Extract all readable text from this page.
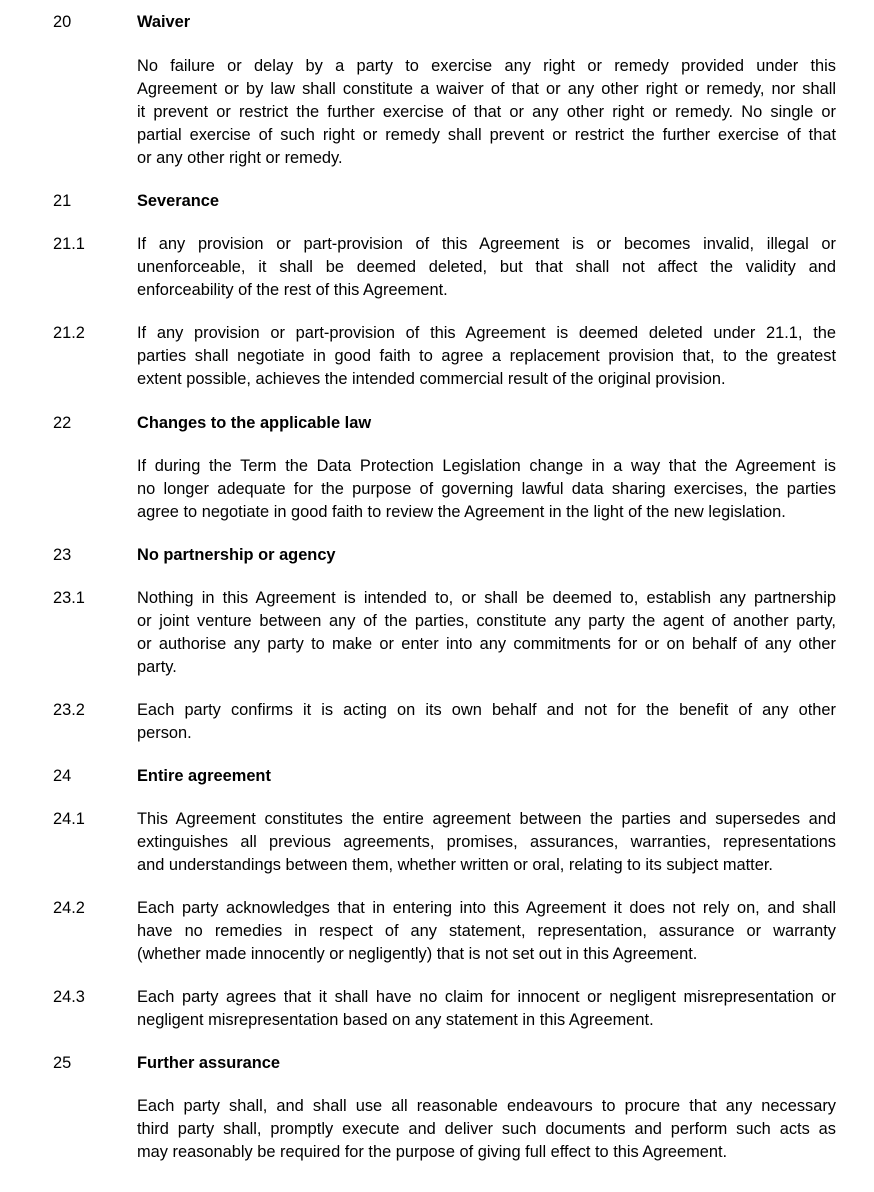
20	Waiver
No failure or delay by a party to exercise any right or remedy provided under this
Agreement or by law shall constitute a waiver of that or any other right or remedy, nor shall
it prevent or restrict the further exercise of that or any other right or remedy. No single or
partial exercise of such right or remedy shall prevent or restrict the further exercise of that
or any other right or remedy.
21	Severance
21.1	If any provision or part-provision of this Agreement is or becomes invalid, illegal or
unenforceable, it shall be deemed deleted, but that shall not affect the validity and
enforceability of the rest of this Agreement.
21.2	If any provision or part-provision of this Agreement is deemed deleted under 21.1, the
parties shall negotiate in good faith to agree a replacement provision that, to the greatest
extent possible, achieves the intended commercial result of the original provision.
22	Changes to the applicable law
If during the Term the Data Protection Legislation change in a way that the Agreement is
no longer adequate for the purpose of governing lawful data sharing exercises, the parties
agree to negotiate in good faith to review the Agreement in the light of the new legislation.
23	No partnership or agency
23.1	Nothing in this Agreement is intended to, or shall be deemed to, establish any partnership
or joint venture between any of the parties, constitute any party the agent of another party,
or authorise any party to make or enter into any commitments for or on behalf of any other
party.
23.2	Each party confirms it is acting on its own behalf and not for the benefit of any other
person.
24	Entire agreement
24.1	This Agreement constitutes the entire agreement between the parties and supersedes and
extinguishes all previous agreements, promises, assurances, warranties, representations
and understandings between them, whether written or oral, relating to its subject matter.
24.2	Each party acknowledges that in entering into this Agreement it does not rely on, and shall
have no remedies in respect of any statement, representation, assurance or warranty
(whether made innocently or negligently) that is not set out in this Agreement.
24.3	Each party agrees that it shall have no claim for innocent or negligent misrepresentation or
negligent misrepresentation based on any statement in this Agreement.
25	Further assurance
Each party shall, and shall use all reasonable endeavours to procure that any necessary
third party shall, promptly execute and deliver such documents and perform such acts as
may reasonably be required for the purpose of giving full effect to this Agreement.
